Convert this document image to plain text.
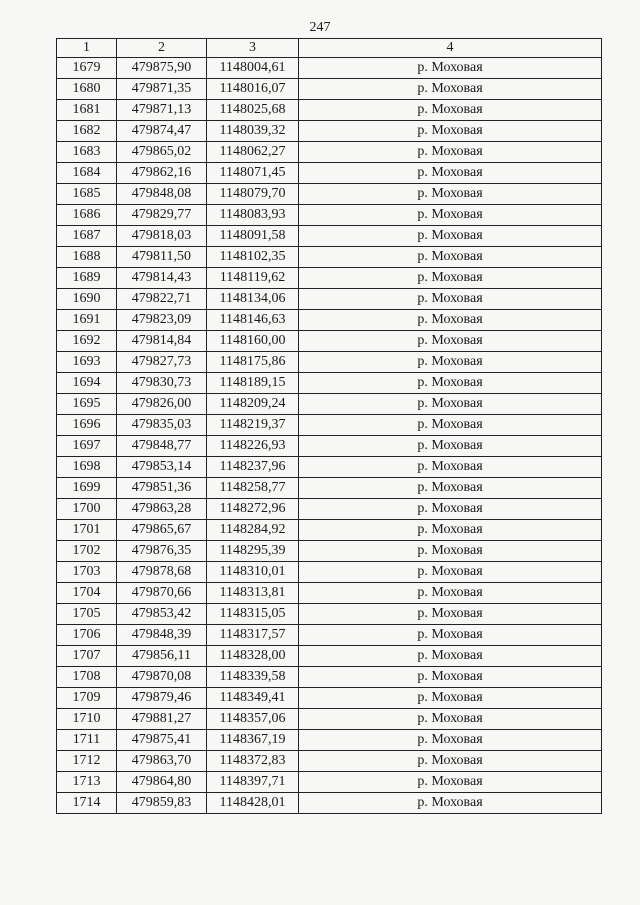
247
1	2	3	4
1679	479875,90	1148004,61	р. Моховая
1680	479871,35	1148016,07	р. Моховая
1681	479871,13	1148025,68	р. Моховая
1682	479874,47	1148039,32	р. Моховая
1683	479865,02	1148062,27	р. Моховая
1684	479862,16	1148071,45	р. Моховая
1685	479848,08	1148079,70	р. Моховая
1686	479829,77	1148083,93	р. Моховая
1687	479818,03	1148091,58	р. Моховая
1688	479811,50	1148102,35	р. Моховая
1689	479814,43	1148119,62	р. Моховая
1690	479822,71	1148134,06	р. Моховая
1691	479823,09	1148146,63	р. Моховая
1692	479814,84	1148160,00	р. Моховая
1693	479827,73	1148175,86	р. Моховая
1694	479830,73	1148189,15	р. Моховая
1695	479826,00	1148209,24	р. Моховая
1696	479835,03	1148219,37	р. Моховая
1697	479848,77	1148226,93	р. Моховая
1698	479853,14	1148237,96	р. Моховая
1699	479851,36	1148258,77	р. Моховая
1700	479863,28	1148272,96	р. Моховая
1701	479865,67	1148284,92	р. Моховая
1702	479876,35	1148295,39	р. Моховая
1703	479878,68	1148310,01	р. Моховая
1704	479870,66	1148313,81	р. Моховая
1705	479853,42	1148315,05	р. Моховая
1706	479848,39	1148317,57	р. Моховая
1707	479856,11	1148328,00	р. Моховая
1708	479870,08	1148339,58	р. Моховая
1709	479879,46	1148349,41	р. Моховая
1710	479881,27	1148357,06	р. Моховая
1711	479875,41	1148367,19	р. Моховая
1712	479863,70	1148372,83	р. Моховая
1713	479864,80	1148397,71	р. Моховая
1714	479859,83	1148428,01	р. Моховая
